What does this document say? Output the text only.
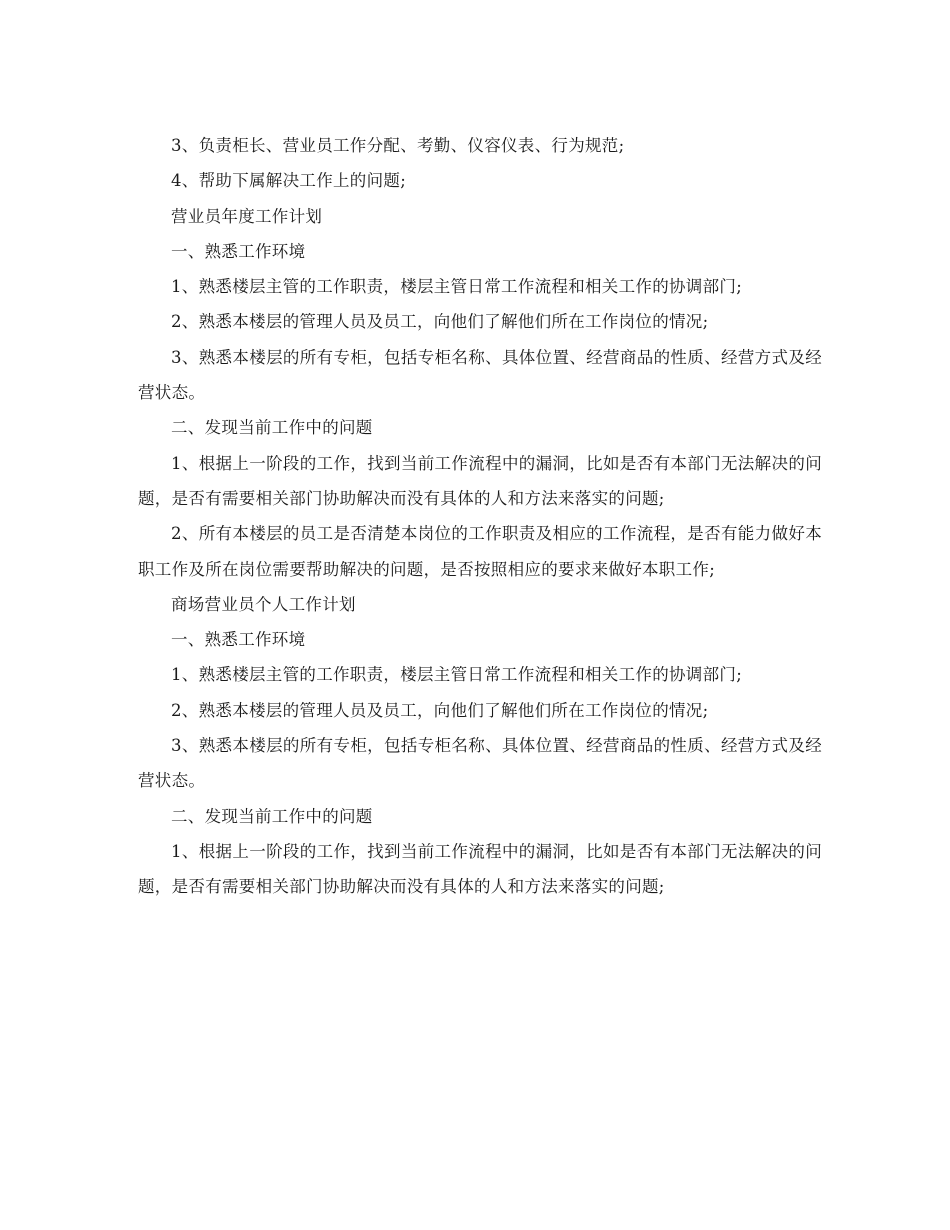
3、负责柜长、营业员工作分配、考勤、仪容仪表、行为规范;

4、帮助下属解决工作上的问题;

营业员年度工作计划

一、熟悉工作环境

1、熟悉楼层主管的工作职责，楼层主管日常工作流程和相关工作的协调部门;

2、熟悉本楼层的管理人员及员工，向他们了解他们所在工作岗位的情况;

3、熟悉本楼层的所有专柜，包括专柜名称、具体位置、经营商品的性质、经营方式及经营状态。

二、发现当前工作中的问题

1、根据上一阶段的工作，找到当前工作流程中的漏洞，比如是否有本部门无法解决的问题，是否有需要相关部门协助解决而没有具体的人和方法来落实的问题;

2、所有本楼层的员工是否清楚本岗位的工作职责及相应的工作流程，是否有能力做好本职工作及所在岗位需要帮助解决的问题，是否按照相应的要求来做好本职工作;

商场营业员个人工作计划

一、熟悉工作环境

1、熟悉楼层主管的工作职责，楼层主管日常工作流程和相关工作的协调部门;

2、熟悉本楼层的管理人员及员工，向他们了解他们所在工作岗位的情况;

3、熟悉本楼层的所有专柜，包括专柜名称、具体位置、经营商品的性质、经营方式及经营状态。

二、发现当前工作中的问题

1、根据上一阶段的工作，找到当前工作流程中的漏洞，比如是否有本部门无法解决的问题，是否有需要相关部门协助解决而没有具体的人和方法来落实的问题;
